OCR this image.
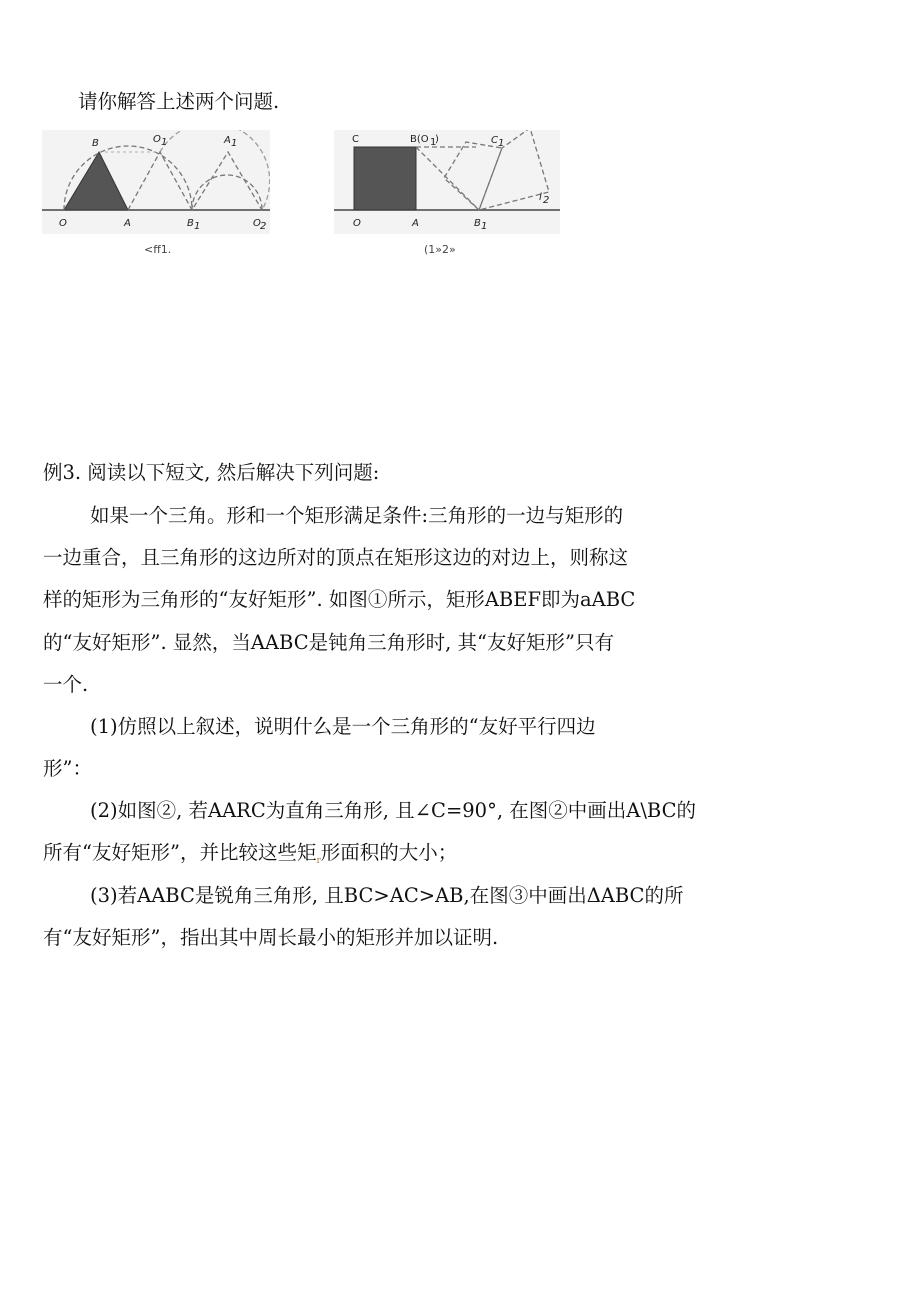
请你解答上述两个问题.
B	O 1	A 1
O	A	B 1	O 2
<ff1.
C	B(O 1
)	C 1
O	A	B 1
l 2
(1»2»
例3. 阅读以下短文, 然后解决下列问题:
如果一个三角。形和一个矩形满足条件:三角形的一边与矩形的
一边重合，且三角形的这边所对的顶点在矩形这边的对边上，则称这
样的矩形为三角形的“友好矩形”. 如图①所示，矩形ABEF即为aABC
的“友好矩形”. 显然，当AABC是钝角三角形时, 其“友好矩形”只有
一个.
(1)仿照以上叙述，说明什么是一个三角形的“友好平行四边
形”：
(2)如图②, 若AARC为直角三角形, 且∠C=90°, 在图②中画出A\BC的
所有“友好矩形”，并比较这些矩$_r$形面积的大小；
(3)若AABC是锐角三角形, 且BC>AC>AB,在图③中画出ΔABC的所
有“友好矩形”，指出其中周长最小的矩形并加以证明.
